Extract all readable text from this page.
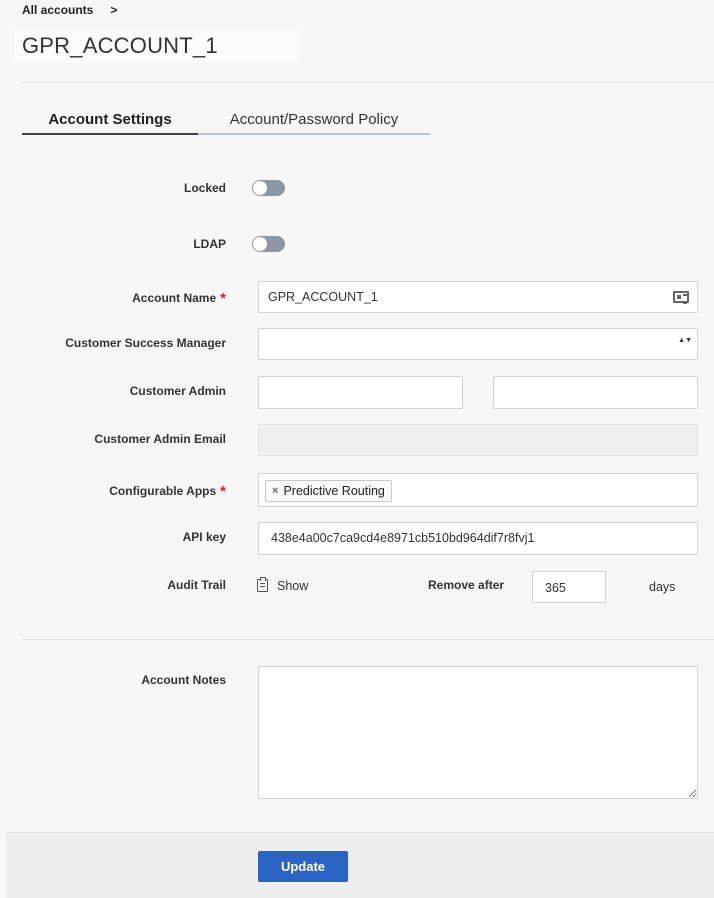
All accounts >
GPR_ACCOUNT_1
Account Settings	Account/Password Policy
Locked
LDAP
Account Name *	GPR_ACCOUNT_1
Customer Success Manager	▲▼
Customer Admin
Customer Admin Email
Configurable Apps *	× Predictive Routing
API key	438e4a00c7ca9cd4e8971cb510bd964dif7r8fvj1
Audit Trail	Show	Remove after	365	days
Account Notes
Update
